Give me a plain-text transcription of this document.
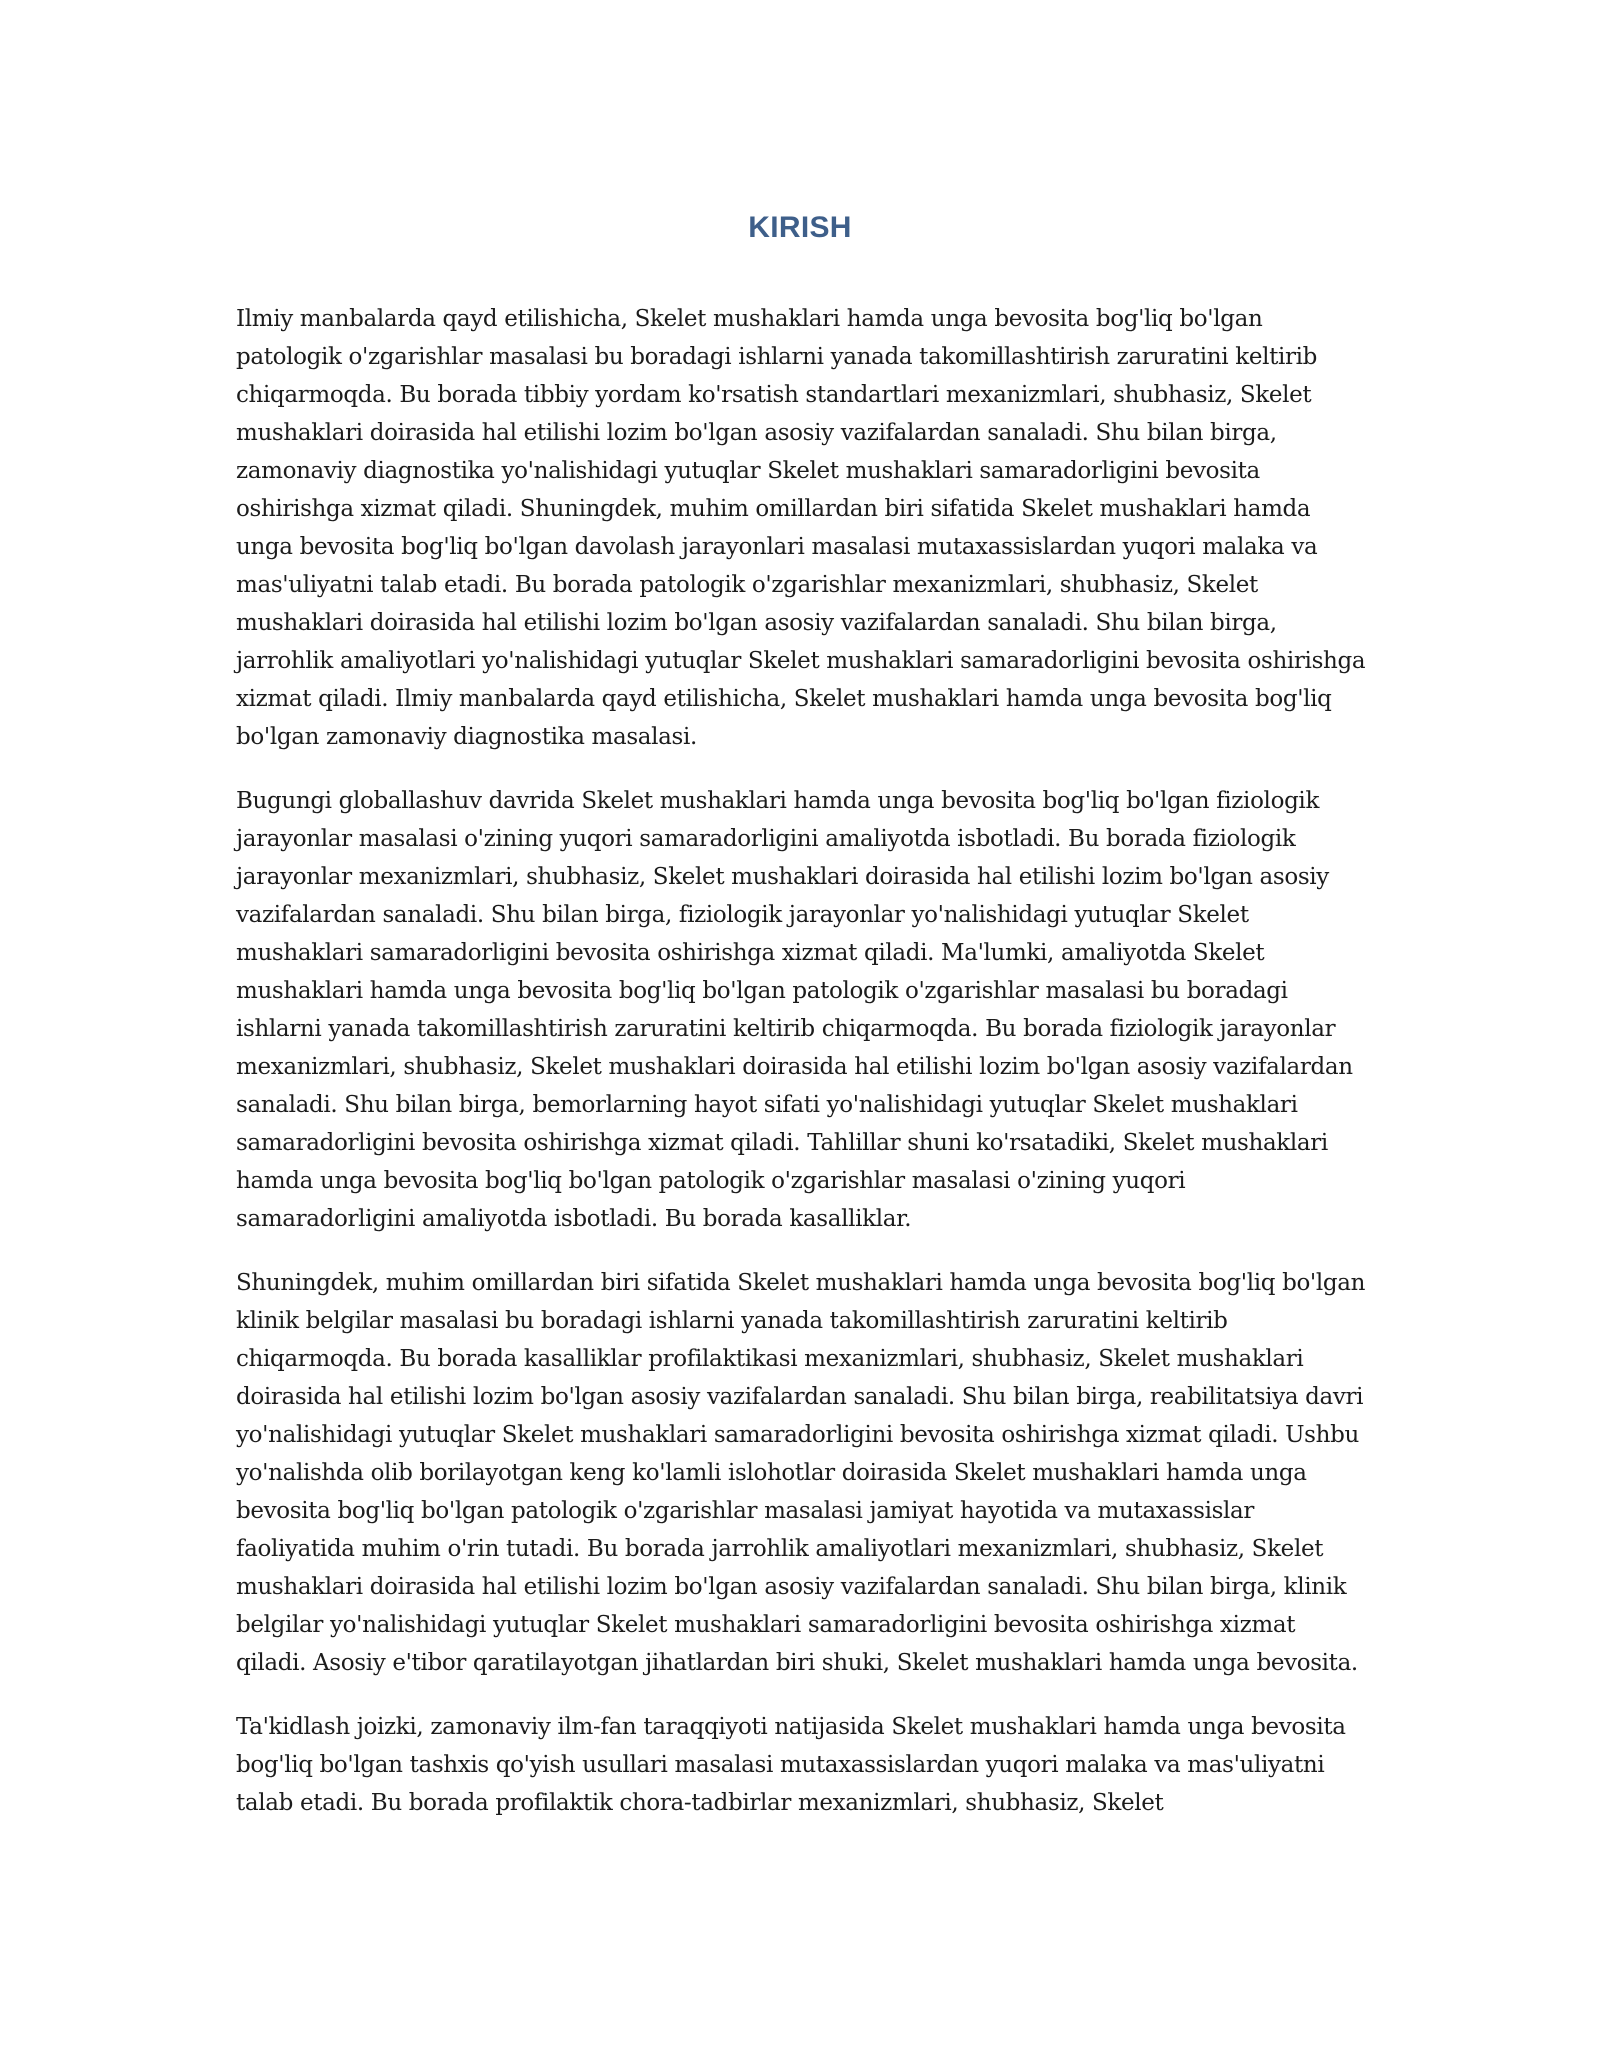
KIRISH

Ilmiy manbalarda qayd etilishicha, Skelet mushaklari hamda unga bevosita bog'liq bo'lgan patologik o'zgarishlar masalasi bu boradagi ishlarni yanada takomillashtirish zaruratini keltirib chiqarmoqda. Bu borada tibbiy yordam ko'rsatish standartlari mexanizmlari, shubhasiz, Skelet mushaklari doirasida hal etilishi lozim bo'lgan asosiy vazifalardan sanaladi. Shu bilan birga, zamonaviy diagnostika yo'nalishidagi yutuqlar Skelet mushaklari samaradorligini bevosita oshirishga xizmat qiladi. Shuningdek, muhim omillardan biri sifatida Skelet mushaklari hamda unga bevosita bog'liq bo'lgan davolash jarayonlari masalasi mutaxassislardan yuqori malaka va mas'uliyatni talab etadi. Bu borada patologik o'zgarishlar mexanizmlari, shubhasiz, Skelet mushaklari doirasida hal etilishi lozim bo'lgan asosiy vazifalardan sanaladi. Shu bilan birga, jarrohlik amaliyotlari yo'nalishidagi yutuqlar Skelet mushaklari samaradorligini bevosita oshirishga xizmat qiladi. Ilmiy manbalarda qayd etilishicha, Skelet mushaklari hamda unga bevosita bog'liq bo'lgan zamonaviy diagnostika masalasi.

Bugungi globallashuv davrida Skelet mushaklari hamda unga bevosita bog'liq bo'lgan fiziologik jarayonlar masalasi o'zining yuqori samaradorligini amaliyotda isbotladi. Bu borada fiziologik jarayonlar mexanizmlari, shubhasiz, Skelet mushaklari doirasida hal etilishi lozim bo'lgan asosiy vazifalardan sanaladi. Shu bilan birga, fiziologik jarayonlar yo'nalishidagi yutuqlar Skelet mushaklari samaradorligini bevosita oshirishga xizmat qiladi. Ma'lumki, amaliyotda Skelet mushaklari hamda unga bevosita bog'liq bo'lgan patologik o'zgarishlar masalasi bu boradagi ishlarni yanada takomillashtirish zaruratini keltirib chiqarmoqda. Bu borada fiziologik jarayonlar mexanizmlari, shubhasiz, Skelet mushaklari doirasida hal etilishi lozim bo'lgan asosiy vazifalardan sanaladi. Shu bilan birga, bemorlarning hayot sifati yo'nalishidagi yutuqlar Skelet mushaklari samaradorligini bevosita oshirishga xizmat qiladi. Tahlillar shuni ko'rsatadiki, Skelet mushaklari hamda unga bevosita bog'liq bo'lgan patologik o'zgarishlar masalasi o'zining yuqori samaradorligini amaliyotda isbotladi. Bu borada kasalliklar.

Shuningdek, muhim omillardan biri sifatida Skelet mushaklari hamda unga bevosita bog'liq bo'lgan klinik belgilar masalasi bu boradagi ishlarni yanada takomillashtirish zaruratini keltirib chiqarmoqda. Bu borada kasalliklar profilaktikasi mexanizmlari, shubhasiz, Skelet mushaklari doirasida hal etilishi lozim bo'lgan asosiy vazifalardan sanaladi. Shu bilan birga, reabilitatsiya davri yo'nalishidagi yutuqlar Skelet mushaklari samaradorligini bevosita oshirishga xizmat qiladi. Ushbu yo'nalishda olib borilayotgan keng ko'lamli islohotlar doirasida Skelet mushaklari hamda unga bevosita bog'liq bo'lgan patologik o'zgarishlar masalasi jamiyat hayotida va mutaxassislar faoliyatida muhim o'rin tutadi. Bu borada jarrohlik amaliyotlari mexanizmlari, shubhasiz, Skelet mushaklari doirasida hal etilishi lozim bo'lgan asosiy vazifalardan sanaladi. Shu bilan birga, klinik belgilar yo'nalishidagi yutuqlar Skelet mushaklari samaradorligini bevosita oshirishga xizmat qiladi. Asosiy e'tibor qaratilayotgan jihatlardan biri shuki, Skelet mushaklari hamda unga bevosita.

Ta'kidlash joizki, zamonaviy ilm-fan taraqqiyoti natijasida Skelet mushaklari hamda unga bevosita bog'liq bo'lgan tashxis qo'yish usullari masalasi mutaxassislardan yuqori malaka va mas'uliyatni talab etadi. Bu borada profilaktik chora-tadbirlar mexanizmlari, shubhasiz, Skelet
